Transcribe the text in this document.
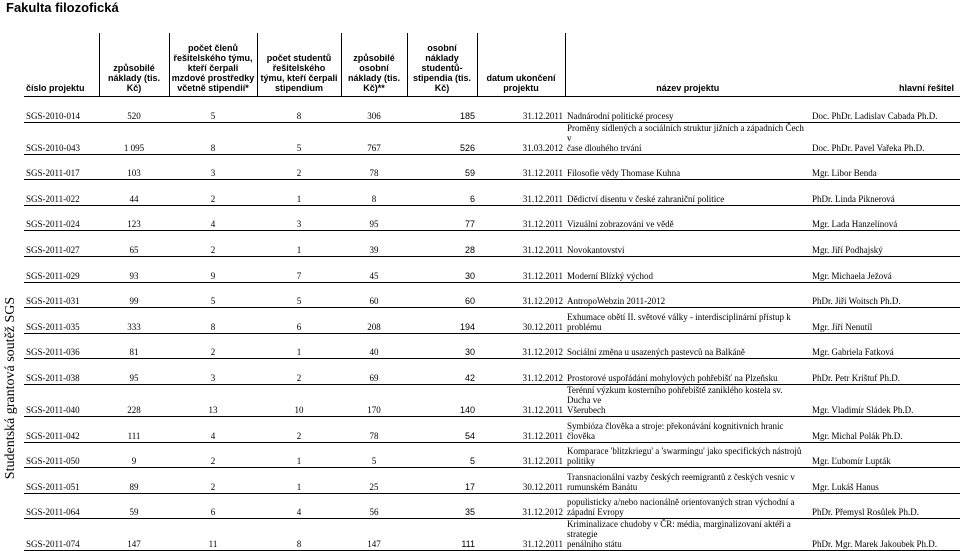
Fakulta filozofická
Studentská grantová soutěž SGS
číslo projektu	způsobilé náklady (tis. Kč)	počet členů řešitelského týmu, kteří čerpali mzdové prostředky včetně stipendií*	počet studentů řešitelského týmu, kteří čerpali stipendium	způsobilé osobní náklady (tis. Kč)**	osobní náklady studentů-stipendia (tis. Kč)	datum ukončení projektu	název projektu	hlavní řešitel
SGS-2010-014	520	5	8	306	185	31.12.2011	Nadnárodní politické procesy	Doc. PhDr. Ladislav Cabada Ph.D.
SGS-2010-043	1 095	8	5	767	526	31.03.2012	Proměny sídlených a sociálních struktur jižních a západních Čech v
čase dlouhého trvání	Doc. PhDr. Pavel Vařeka Ph.D.
SGS-2011-017	103	3	2	78	59	31.12.2011	Filosofie vědy Thomase Kuhna	Mgr. Libor Benda
SGS-2011-022	44	2	1	8	6	31.12.2011	Dědictví disentu v české zahraniční politice	PhDr. Linda Piknerová
SGS-2011-024	123	4	3	95	77	31.12.2011	Vizuální zobrazování ve vědě	Mgr. Lada Hanzelínová
SGS-2011-027	65	2	1	39	28	31.12.2011	Novokantovství	Mgr. Jiří Podhajský
SGS-2011-029	93	9	7	45	30	31.12.2011	Moderní Blízký východ	Mgr. Michaela Ježová
SGS-2011-031	99	5	5	60	60	31.12.2012	AntropoWebzin 2011-2012	PhDr. Jiří Woitsch Ph.D.
SGS-2011-035	333	8	6	208	194	30.12.2011	Exhumace obětí II. světové války - interdisciplinární přístup k
problému	Mgr. Jiří Nenutil
SGS-2011-036	81	2	1	40	30	31.12.2012	Sociální změna u usazených pastevců na Balkáně	Mgr. Gabriela Fatková
SGS-2011-038	95	3	2	69	42	31.12.2012	Prostorové uspořádání mohylových pohřebišť na Plzeňsku	PhDr. Petr Krištuf Ph.D.
SGS-2011-040	228	13	10	170	140	31.12.2011	Terénní výzkum kosterního pohřebiště zaniklého kostela sv. Ducha ve
Všerubech	Mgr. Vladimír Sládek Ph.D.
SGS-2011-042	111	4	2	78	54	31.12.2011	Symbióza člověka a stroje: překonávání kognitivních hranic člověka	Mgr. Michal Polák Ph.D.
SGS-2011-050	9	2	1	5	5	31.12.2011	Komparace 'blitzkriegu' a 'swarmingu' jako specifických nástrojů
politiky	Mgr. Ľubomír Lupták
SGS-2011-051	89	2	1	25	17	30.12.2011	Transnacionální vazby českých reemigrantů z českých vesnic v
rumunském Banátu	Mgr. Lukáš Hanus
SGS-2011-064	59	6	4	56	35	31.12.2012	populisticky a/nebo nacionálně orientovaných stran východní a
západní Evropy	PhDr. Přemysl Rosůlek Ph.D.
SGS-2011-074	147	11	8	147	111	31.12.2011	Kriminalizace chudoby v ČR: média, marginalizovaní aktéři a strategie
penálního státu	PhDr. Mgr. Marek Jakoubek Ph.D.
